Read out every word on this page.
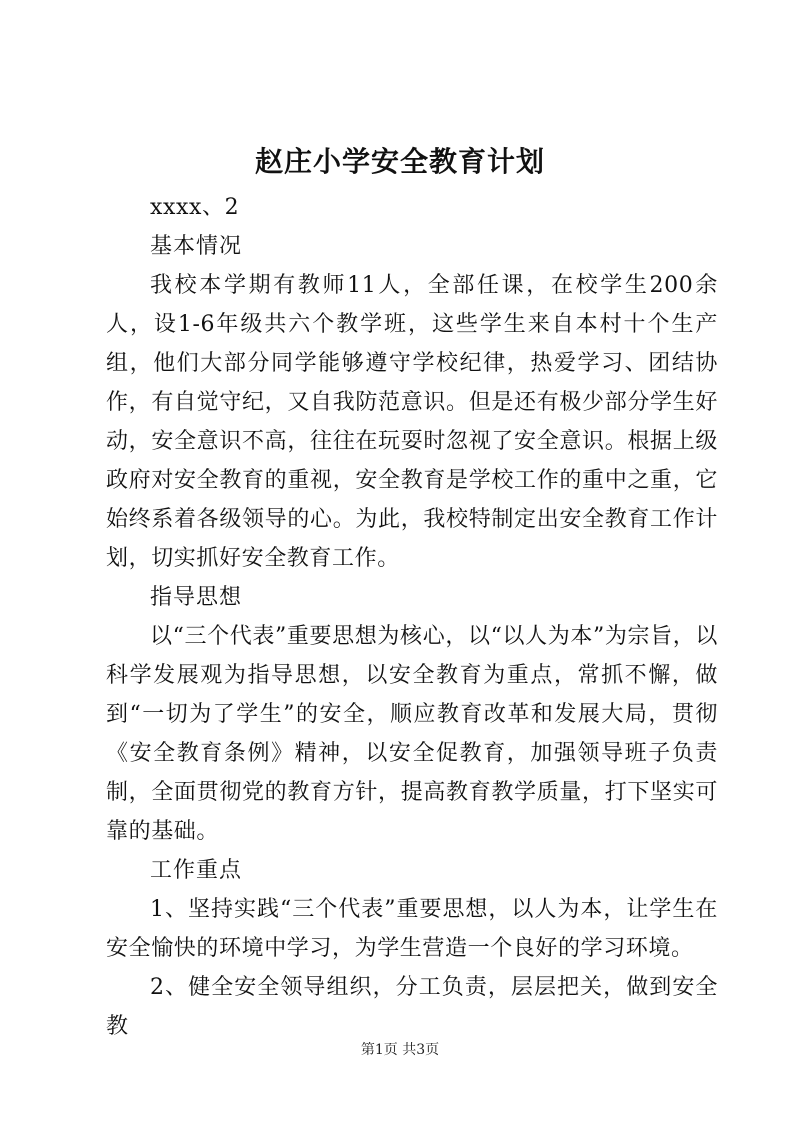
赵庄小学安全教育计划

xxxx、2

基本情况

我校本学期有教师11人，全部任课，在校学生200余人，设1-6年级共六个教学班，这些学生来自本村十个生产组，他们大部分同学能够遵守学校纪律，热爱学习、团结协作，有自觉守纪，又自我防范意识。但是还有极少部分学生好动，安全意识不高，往往在玩耍时忽视了安全意识。根据上级政府对安全教育的重视，安全教育是学校工作的重中之重，它始终系着各级领导的心。为此，我校特制定出安全教育工作计划，切实抓好安全教育工作。

指导思想

以“三个代表”重要思想为核心，以“以人为本”为宗旨，以科学发展观为指导思想，以安全教育为重点，常抓不懈，做到“一切为了学生”的安全，顺应教育改革和发展大局，贯彻《安全教育条例》精神，以安全促教育，加强领导班子负责制，全面贯彻党的教育方针，提高教育教学质量，打下坚实可靠的基础。

工作重点

1、坚持实践“三个代表”重要思想，以人为本，让学生在安全愉快的环境中学习，为学生营造一个良好的学习环境。

2、健全安全领导组织，分工负责，层层把关，做到安全教

第1页 共3页
